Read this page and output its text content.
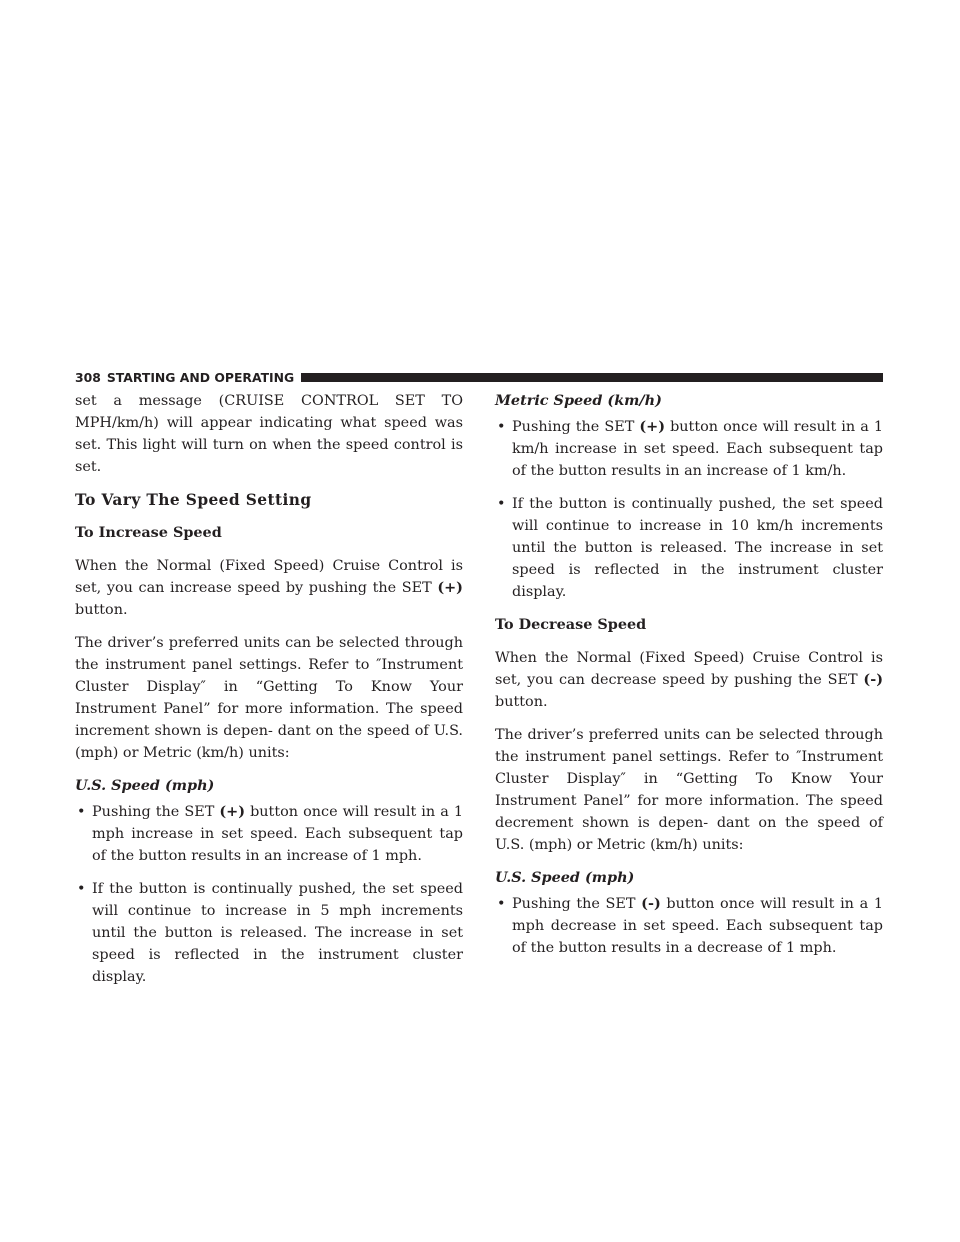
308 STARTING AND OPERATING

set a message (CRUISE CONTROL SET TO MPH/km/h) will appear indicating what speed was set. This light will turn on when the speed control is set.

To Vary The Speed Setting
To Increase Speed

When the Normal (Fixed Speed) Cruise Control is set, you can increase speed by pushing the SET (+) button.

The driver’s preferred units can be selected through the instrument panel settings. Refer to ″Instrument Cluster Display″ in “Getting To Know Your Instrument Panel” for more information. The speed increment shown is depen- dant on the speed of U.S. (mph) or Metric (km/h) units:

U.S. Speed (mph)
• Pushing the SET (+) button once will result in a 1 mph increase in set speed. Each subsequent tap of the button results in an increase of 1 mph.
• If the button is continually pushed, the set speed will continue to increase in 5 mph increments until the button is released. The increase in set speed is reflected in the instrument cluster display.
Metric Speed (km/h)
• Pushing the SET (+) button once will result in a 1 km/h increase in set speed. Each subsequent tap of the button results in an increase of 1 km/h.
• If the button is continually pushed, the set speed will continue to increase in 10 km/h increments until the button is released. The increase in set speed is reflected in the instrument cluster display.
To Decrease Speed

When the Normal (Fixed Speed) Cruise Control is set, you can decrease speed by pushing the SET (-) button.

The driver’s preferred units can be selected through the instrument panel settings. Refer to ″Instrument Cluster Display″ in “Getting To Know Your Instrument Panel” for more information. The speed decrement shown is depen- dant on the speed of U.S. (mph) or Metric (km/h) units:

U.S. Speed (mph)
• Pushing the SET (-) button once will result in a 1 mph decrease in set speed. Each subsequent tap of the button results in a decrease of 1 mph.
